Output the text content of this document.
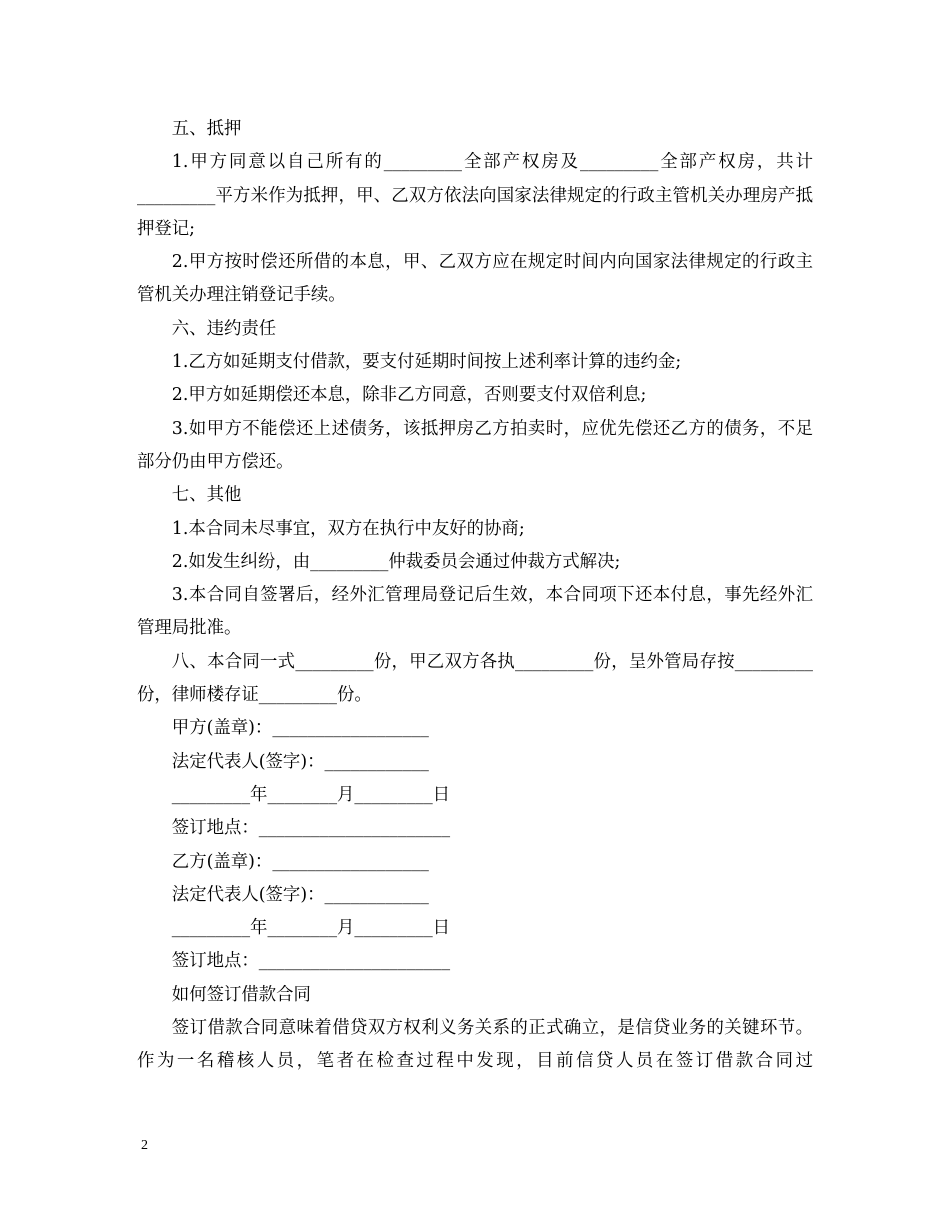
五、抵押

1.甲方同意以自己所有的_________全部产权房及_________全部产权房，共计_________平方米作为抵押，甲、乙双方依法向国家法律规定的行政主管机关办理房产抵押登记;

2.甲方按时偿还所借的本息，甲、乙双方应在规定时间内向国家法律规定的行政主管机关办理注销登记手续。

六、违约责任

1.乙方如延期支付借款，要支付延期时间按上述利率计算的违约金;

2.甲方如延期偿还本息，除非乙方同意，否则要支付双倍利息;

3.如甲方不能偿还上述债务，该抵押房乙方拍卖时，应优先偿还乙方的债务，不足部分仍由甲方偿还。

七、其他

1.本合同未尽事宜，双方在执行中友好的协商;

2.如发生纠纷，由_________仲裁委员会通过仲裁方式解决;

3.本合同自签署后，经外汇管理局登记后生效，本合同项下还本付息，事先经外汇管理局批准。

八、本合同一式_________份，甲乙双方各执_________份，呈外管局存按_________份，律师楼存证_________份。

甲方(盖章)：__________________

法定代表人(签字)：____________

_________年________月_________日

签订地点：______________________

乙方(盖章)：__________________

法定代表人(签字)：____________

_________年________月_________日

签订地点：______________________

如何签订借款合同

签订借款合同意味着借贷双方权利义务关系的正式确立，是信贷业务的关键环节。作为一名稽核人员，笔者在检查过程中发现，目前信贷人员在签订借款合同过

2
